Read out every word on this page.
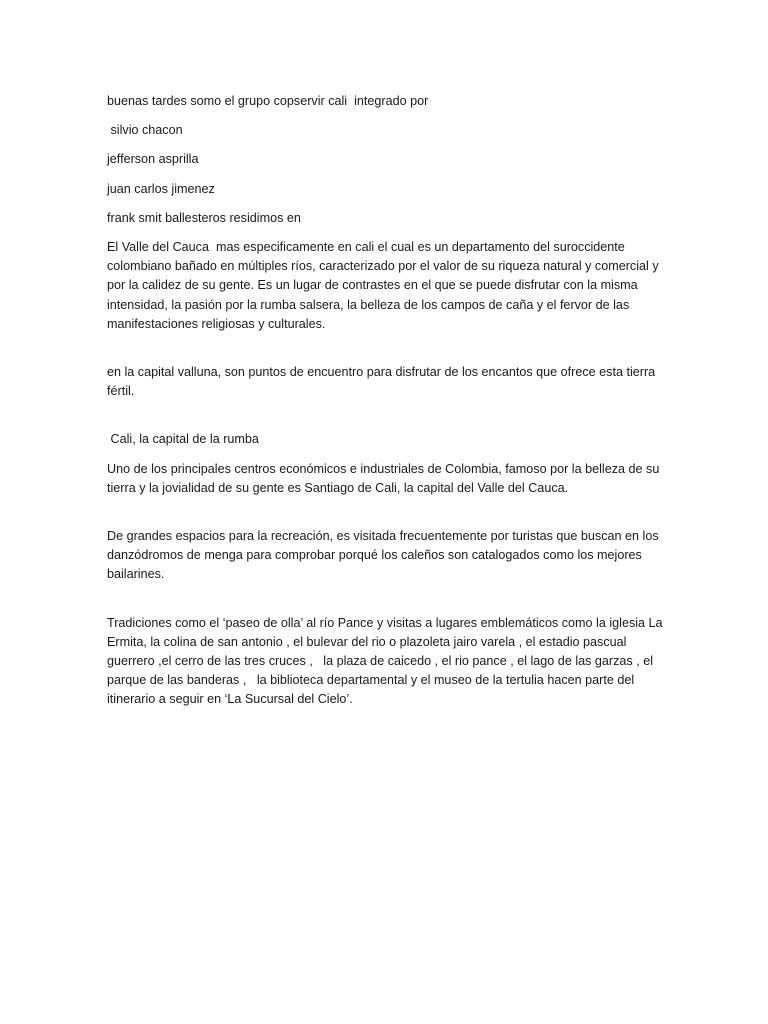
buenas tardes somo el grupo copservir cali  integrado por

silvio chacon

jefferson asprilla

juan carlos jimenez

frank smit ballesteros residimos en

El Valle del Cauca  mas especificamente en cali el cual es un departamento del suroccidente colombiano bañado en múltiples ríos, caracterizado por el valor de su riqueza natural y comercial y por la calidez de su gente. Es un lugar de contrastes en el que se puede disfrutar con la misma intensidad, la pasión por la rumba salsera, la belleza de los campos de caña y el fervor de las manifestaciones religiosas y culturales.

en la capital valluna, son puntos de encuentro para disfrutar de los encantos que ofrece esta tierra fértil.

Cali, la capital de la rumba

Uno de los principales centros económicos e industriales de Colombia, famoso por la belleza de su tierra y la jovialidad de su gente es Santiago de Cali, la capital del Valle del Cauca.

De grandes espacios para la recreación, es visitada frecuentemente por turistas que buscan en los danzódromos de menga para comprobar porqué los caleños son catalogados como los mejores bailarines.

Tradiciones como el ‘paseo de olla’ al río Pance y visitas a lugares emblemáticos como la iglesia La Ermita, la colina de san antonio , el bulevar del rio o plazoleta jairo varela , el estadio pascual guerrero ,el cerro de las tres cruces ,   la plaza de caicedo , el rio pance , el lago de las garzas , el parque de las banderas ,   la biblioteca departamental y el museo de la tertulia hacen parte del itinerario a seguir en ‘La Sucursal del Cielo’.
